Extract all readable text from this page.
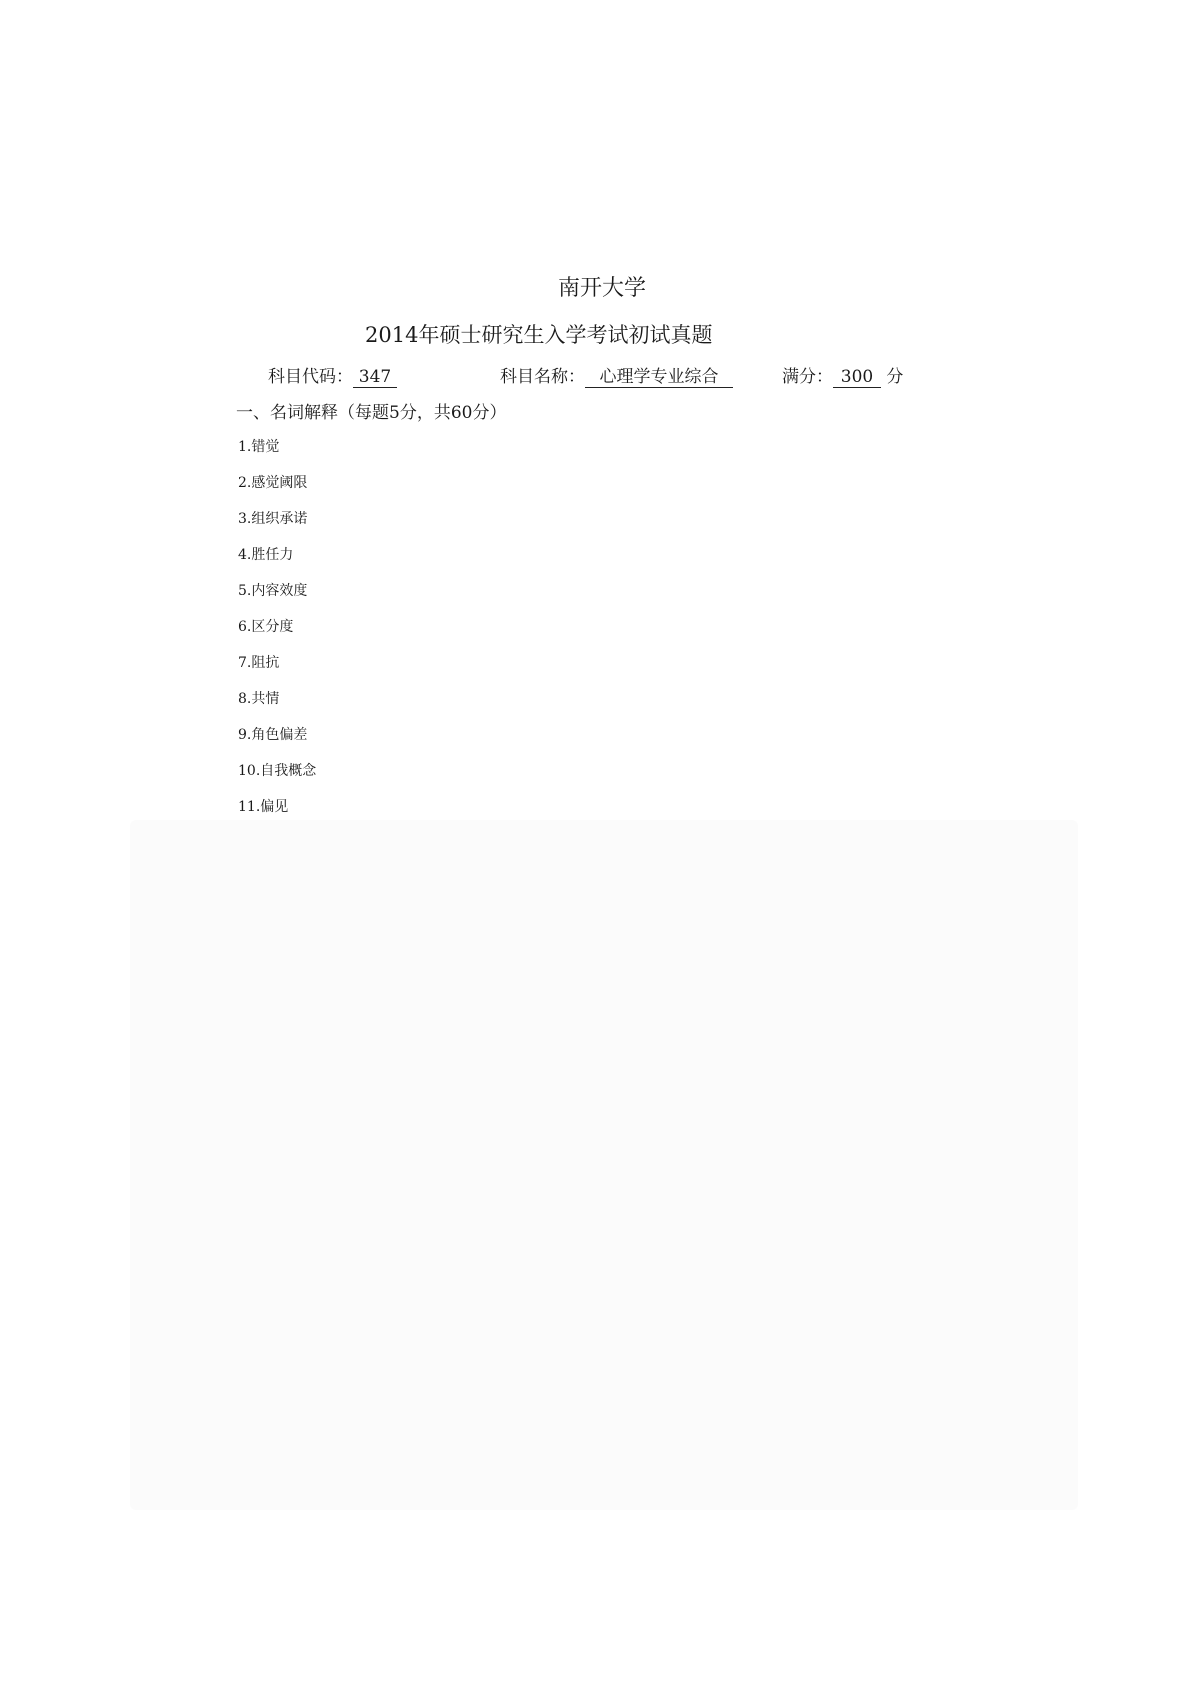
南开大学
2014年硕士研究生入学考试初试真题
科目代码： 347	科目名称： 心理学专业综合	满分： 300 分
一、名词解释（每题5分，共60分）
1.错觉
2.感觉阈限
3.组织承诺
4.胜任力
5.内容效度
6.区分度
7.阻抗
8.共情
9.角色偏差
10.自我概念
11.偏见
